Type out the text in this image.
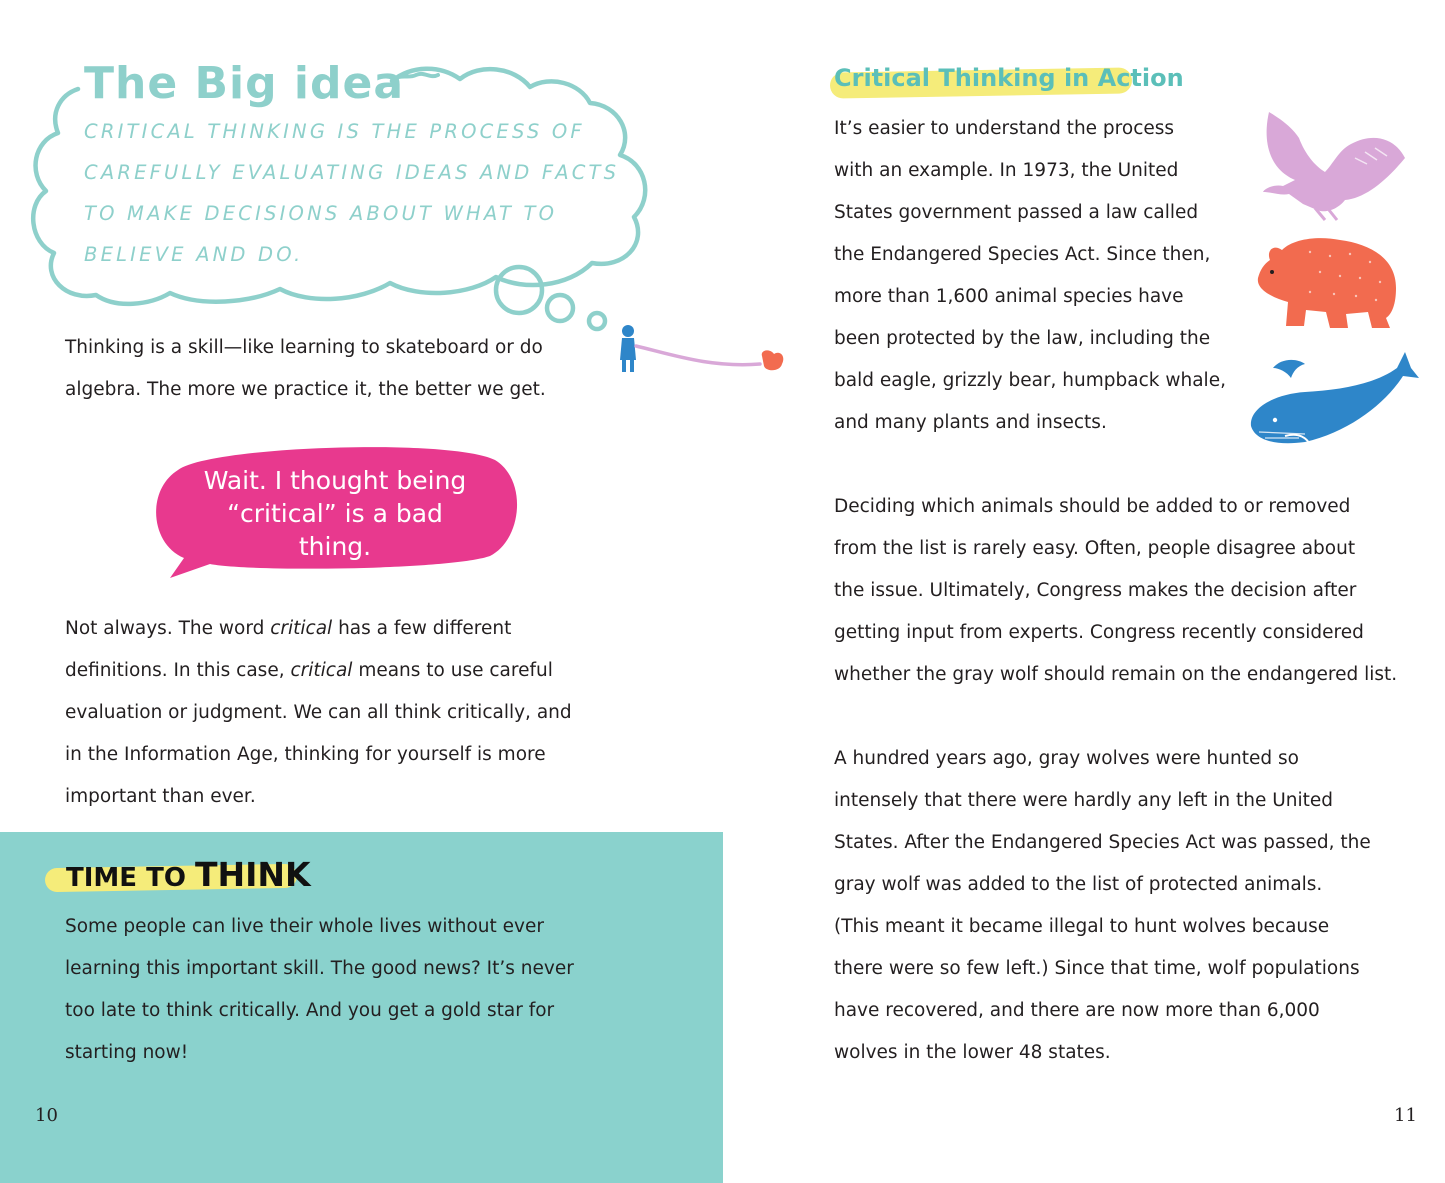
The Big idea

CRITICAL THINKING IS THE PROCESS OF
CAREFULLY EVALUATING IDEAS AND FACTS
TO MAKE DECISIONS ABOUT WHAT TO
BELIEVE AND DO.

Thinking is a skill—like learning to skateboard or do

algebra. The more we practice it, the better we get.

Wait. I thought being
“critical” is a bad thing.

Not always. The word critical has a few different

definitions. In this case, critical means to use careful

evaluation or judgment. We can all think critically, and

in the Information Age, thinking for yourself is more

important than ever.

TIME TO THINK

Some people can live their whole lives without ever

learning this important skill. The good news? It’s never

too late to think critically. And you get a gold star for

starting now!

10

Critical Thinking in Action

It’s easier to understand the process

with an example. In 1973, the United

States government passed a law called

the Endangered Species Act. Since then,

more than 1,600 animal species have

been protected by the law, including the

bald eagle, grizzly bear, humpback whale,

and many plants and insects.

Deciding which animals should be added to or removed

from the list is rarely easy. Often, people disagree about

the issue. Ultimately, Congress makes the decision after

getting input from experts. Congress recently considered

whether the gray wolf should remain on the endangered list.

A hundred years ago, gray wolves were hunted so

intensely that there were hardly any left in the United

States. After the Endangered Species Act was passed, the

gray wolf was added to the list of protected animals.

(This meant it became illegal to hunt wolves because

there were so few left.) Since that time, wolf populations

have recovered, and there are now more than 6,000

wolves in the lower 48 states.

11
